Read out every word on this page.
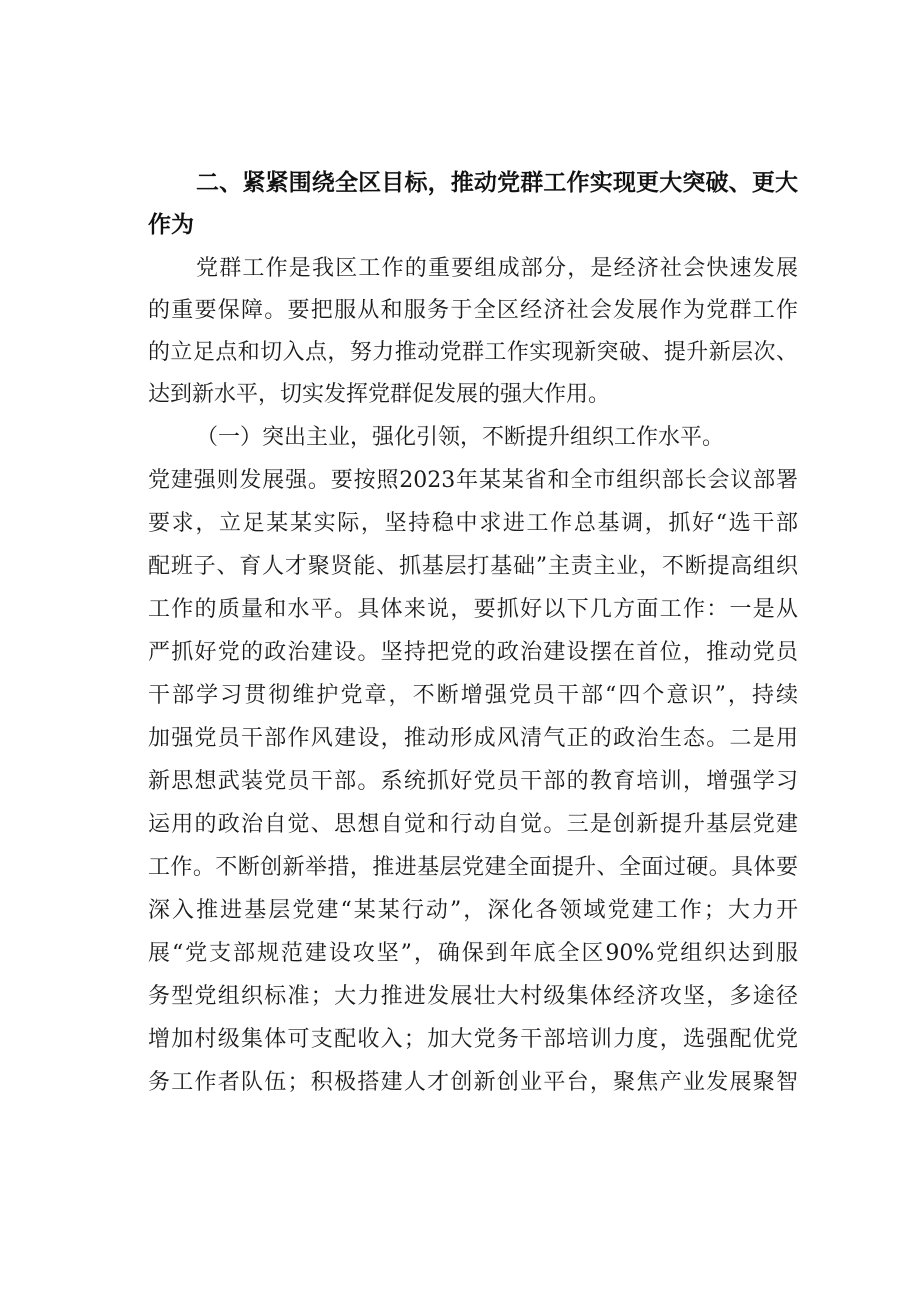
二、紧紧围绕全区目标，推动党群工作实现更大突破、更大
作为
党群工作是我区工作的重要组成部分，是经济社会快速发展
的重要保障。要把服从和服务于全区经济社会发展作为党群工作
的立足点和切入点，努力推动党群工作实现新突破、提升新层次、
达到新水平，切实发挥党群促发展的强大作用。
（一）突出主业，强化引领，不断提升组织工作水平。
党建强则发展强。要按照2023年某某省和全市组织部长会议部署
要求，立足某某实际，坚持稳中求进工作总基调，抓好“选干部
配班子、育人才聚贤能、抓基层打基础”主责主业，不断提高组织
工作的质量和水平。具体来说，要抓好以下几方面工作：一是从
严抓好党的政治建设。坚持把党的政治建设摆在首位，推动党员
干部学习贯彻维护党章，不断增强党员干部“四个意识”，持续
加强党员干部作风建设，推动形成风清气正的政治生态。二是用
新思想武装党员干部。系统抓好党员干部的教育培训，增强学习
运用的政治自觉、思想自觉和行动自觉。三是创新提升基层党建
工作。不断创新举措，推进基层党建全面提升、全面过硬。具体要
深入推进基层党建“某某行动”，深化各领域党建工作；大力开
展“党支部规范建设攻坚”，确保到年底全区90%党组织达到服
务型党组织标准；大力推进发展壮大村级集体经济攻坚，多途径
增加村级集体可支配收入；加大党务干部培训力度，选强配优党
务工作者队伍；积极搭建人才创新创业平台，聚焦产业发展聚智
